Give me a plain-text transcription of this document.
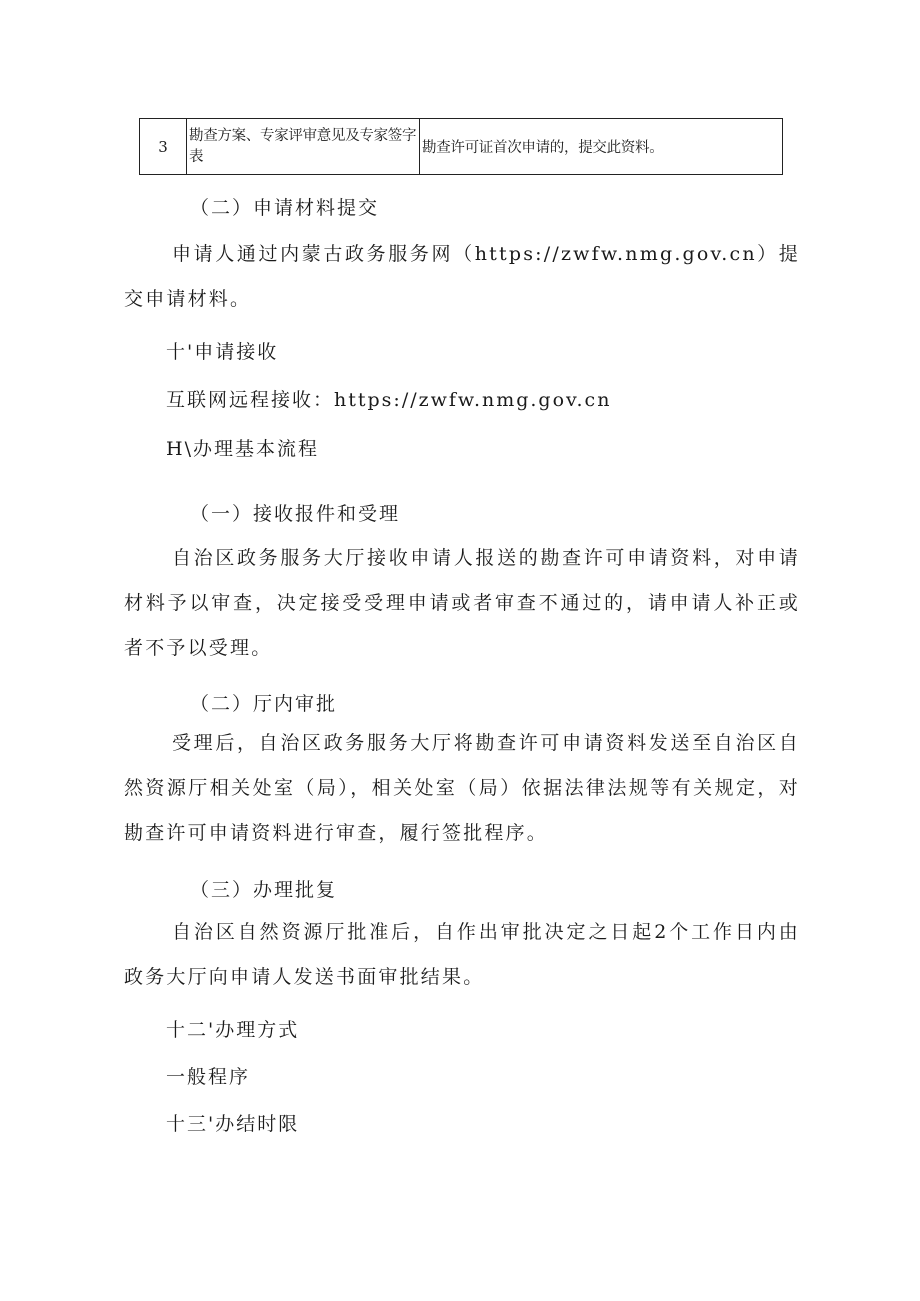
3	勘查方案、专家评审意见及专家签字表	勘查许可证首次申请的，提交此资料。

（二）申请材料提交

申请人通过内蒙古政务服务网（https://zwfw.nmg.gov.cn）提交申请材料。

十'申请接收

互联网远程接收：https://zwfw.nmg.gov.cn

H\办理基本流程

（一）接收报件和受理

自治区政务服务大厅接收申请人报送的勘查许可申请资料，对申请材料予以审查，决定接受受理申请或者审查不通过的，请申请人补正或者不予以受理。

（二）厅内审批

受理后，自治区政务服务大厅将勘查许可申请资料发送至自治区自然资源厅相关处室（局），相关处室（局）依据法律法规等有关规定，对勘查许可申请资料进行审查，履行签批程序。

（三）办理批复

自治区自然资源厅批准后，自作出审批决定之日起2个工作日内由政务大厅向申请人发送书面审批结果。

十二'办理方式

一般程序

十三'办结时限
